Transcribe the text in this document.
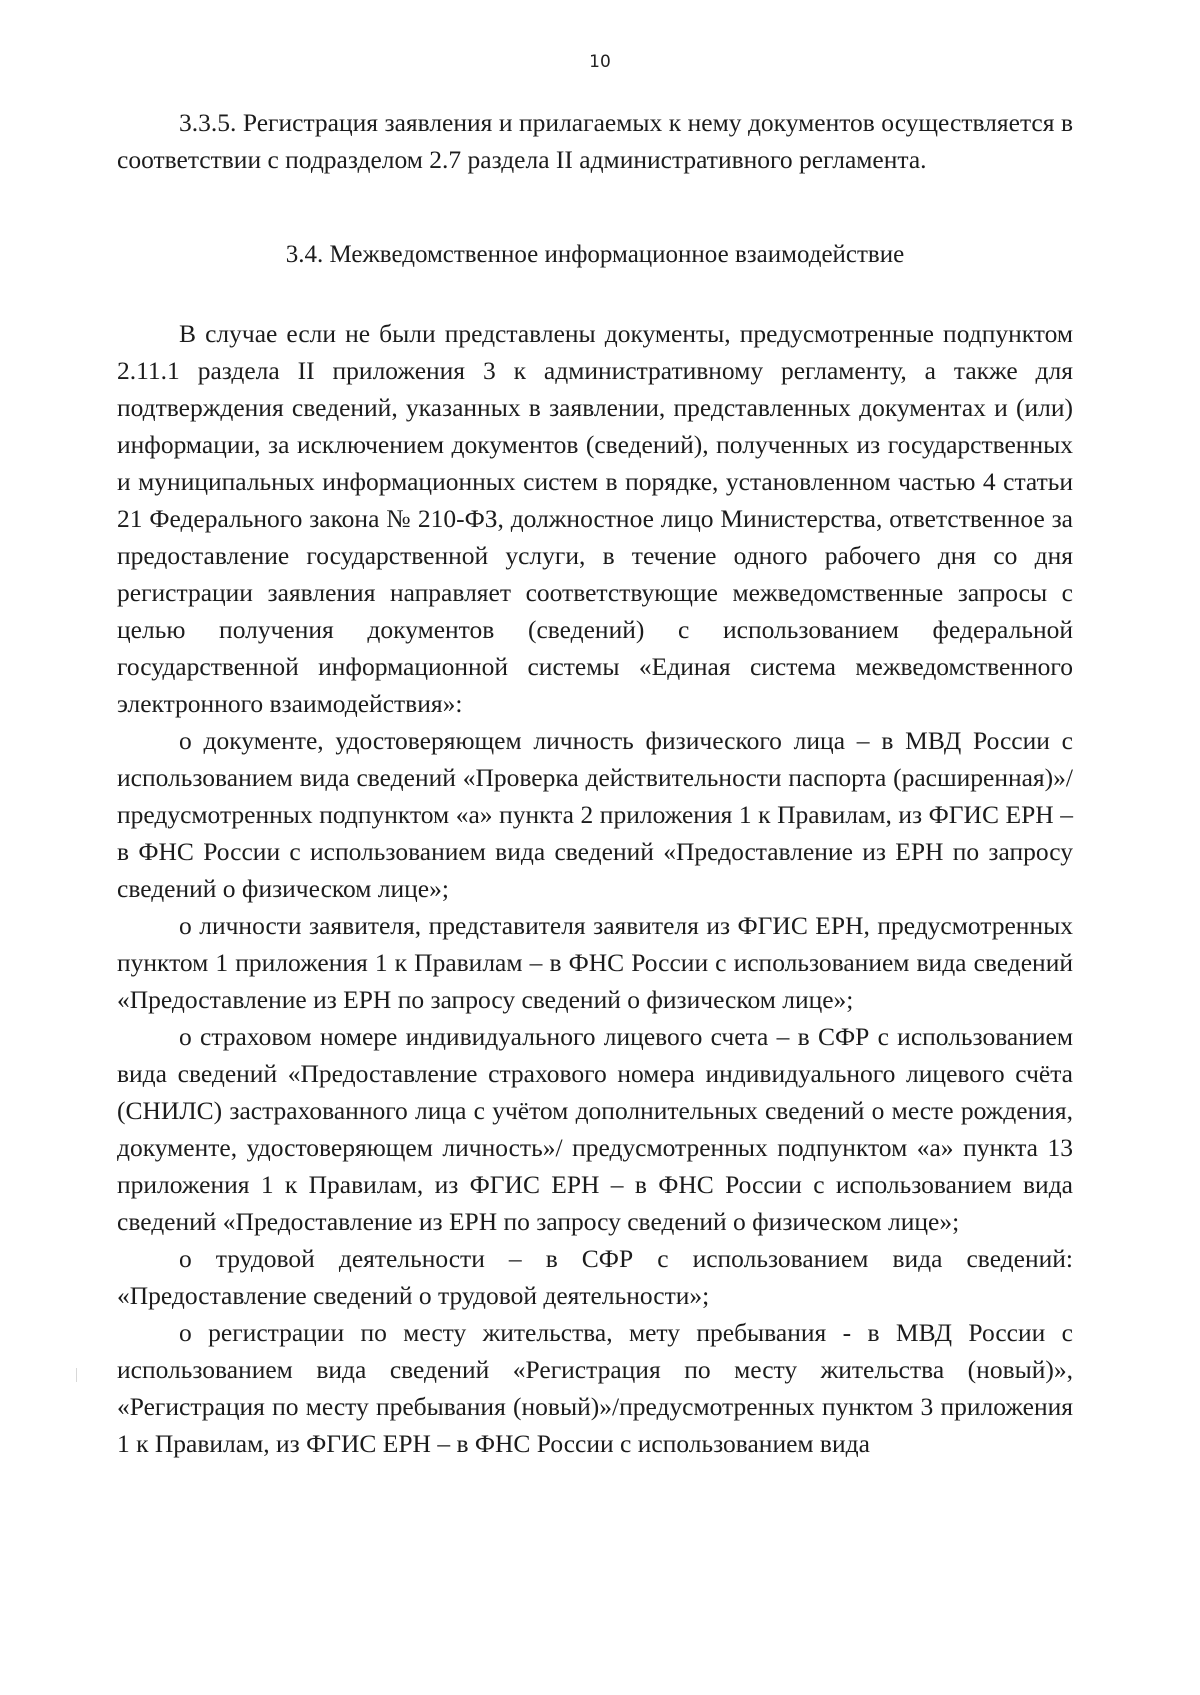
10

3.3.5. Регистрация заявления и прилагаемых к нему документов осуществляется в соответствии с подразделом 2.7 раздела II административного регламента.

3.4. Межведомственное информационное взаимодействие

В случае если не были представлены документы, предусмотренные подпунктом 2.11.1 раздела II приложения 3 к административному регламенту, а также для подтверждения сведений, указанных в заявлении, представленных документах и (или) информации, за исключением документов (сведений), полученных из государственных и муниципальных информационных систем в порядке, установленном частью 4 статьи 21 Федерального закона № 210-ФЗ, должностное лицо Министерства, ответственное за предоставление государственной услуги, в течение одного рабочего дня со дня регистрации заявления направляет соответствующие межведомственные запросы с целью получения документов (сведений) с использованием федеральной государственной информационной системы «Единая система межведомственного электронного взаимодействия»:

о документе, удостоверяющем личность физического лица – в МВД России с использованием вида сведений «Проверка действительности паспорта (расширенная)»/предусмотренных подпунктом «а» пункта 2 приложения 1 к Правилам, из ФГИС ЕРН – в ФНС России с использованием вида сведений «Предоставление из ЕРН по запросу сведений о физическом лице»;

о личности заявителя, представителя заявителя из ФГИС ЕРН, предусмотренных пунктом 1 приложения 1 к Правилам – в ФНС России с использованием вида сведений «Предоставление из ЕРН по запросу сведений о физическом лице»;

о страховом номере индивидуального лицевого счета – в СФР с использованием вида сведений «Предоставление страхового номера индивидуального лицевого счёта (СНИЛС) застрахованного лица с учётом дополнительных сведений о месте рождения, документе, удостоверяющем личность»/ предусмотренных подпунктом «а» пункта 13 приложения 1 к Правилам, из ФГИС ЕРН – в ФНС России с использованием вида сведений «Предоставление из ЕРН по запросу сведений о физическом лице»;

о трудовой деятельности – в СФР с использованием вида сведений: «Предоставление сведений о трудовой деятельности»;

о регистрации по месту жительства, мету пребывания - в МВД России с использованием вида сведений «Регистрация по месту жительства (новый)», «Регистрация по месту пребывания (новый)»/предусмотренных пунктом 3 приложения 1 к Правилам, из ФГИС ЕРН – в ФНС России с использованием вида
